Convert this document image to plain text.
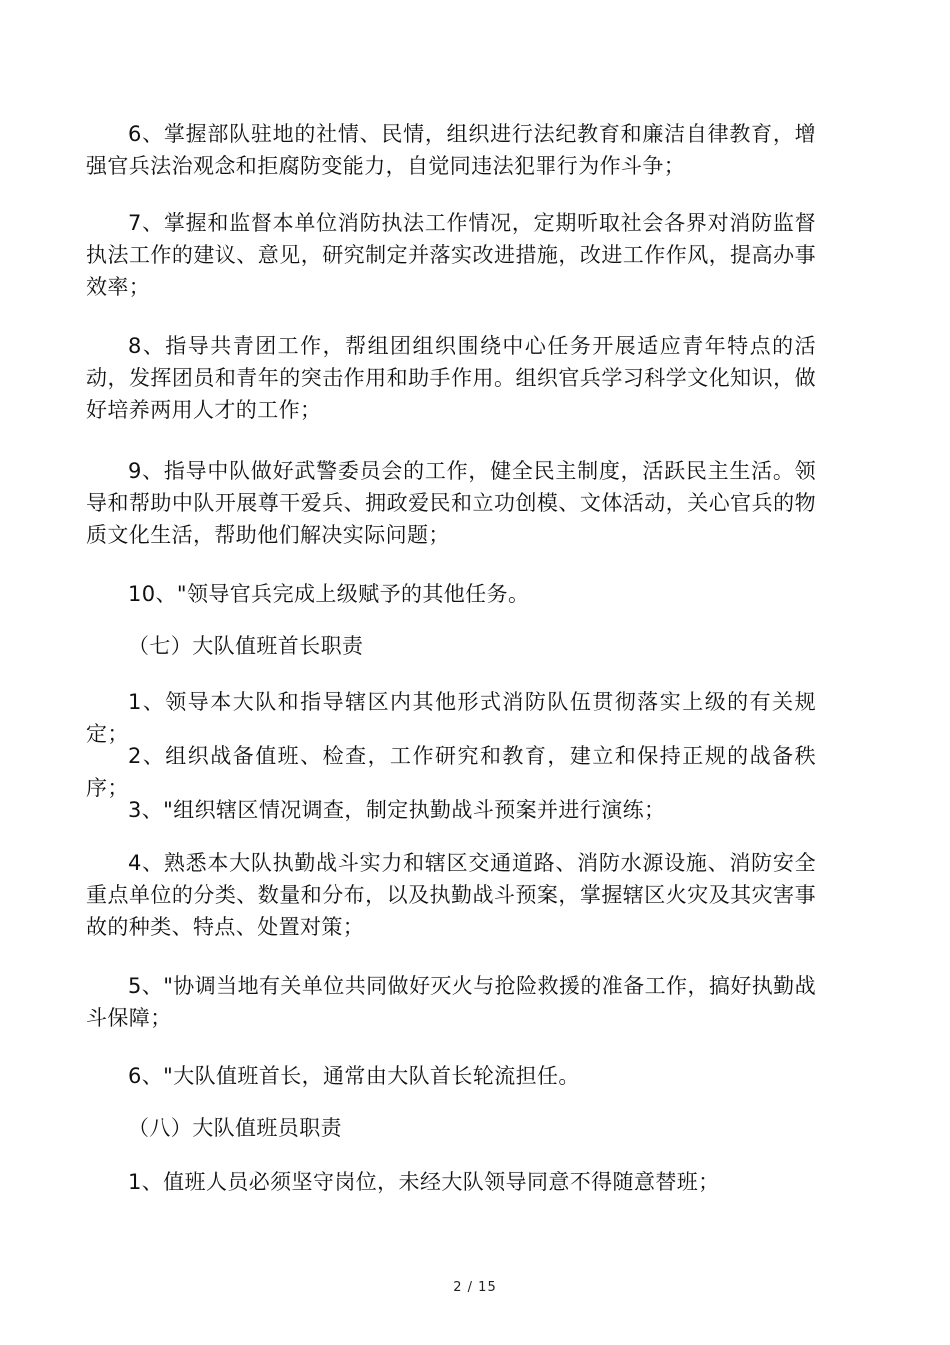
6、掌握部队驻地的社情、民情，组织进行法纪教育和廉洁自律教育，增强官兵法治观念和拒腐防变能力，自觉同违法犯罪行为作斗争；

7、掌握和监督本单位消防执法工作情况，定期听取社会各界对消防监督执法工作的建议、意见，研究制定并落实改进措施，改进工作作风，提高办事效率；

8、指导共青团工作，帮组团组织围绕中心任务开展适应青年特点的活动，发挥团员和青年的突击作用和助手作用。组织官兵学习科学文化知识，做好培养两用人才的工作；

9、指导中队做好武警委员会的工作，健全民主制度，活跃民主生活。领导和帮助中队开展尊干爱兵、拥政爱民和立功创模、文体活动，关心官兵的物质文化生活，帮助他们解决实际问题；

10、"领导官兵完成上级赋予的其他任务。

（七）大队值班首长职责

1、领导本大队和指导辖区内其他形式消防队伍贯彻落实上级的有关规定；

2、组织战备值班、检查，工作研究和教育，建立和保持正规的战备秩序；

3、"组织辖区情况调查，制定执勤战斗预案并进行演练；

4、熟悉本大队执勤战斗实力和辖区交通道路、消防水源设施、消防安全重点单位的分类、数量和分布，以及执勤战斗预案，掌握辖区火灾及其灾害事故的种类、特点、处置对策；

5、"协调当地有关单位共同做好灭火与抢险救援的准备工作，搞好执勤战斗保障；

6、"大队值班首长，通常由大队首长轮流担任。

（八）大队值班员职责

1、值班人员必须坚守岗位，未经大队领导同意不得随意替班；

2 / 15
